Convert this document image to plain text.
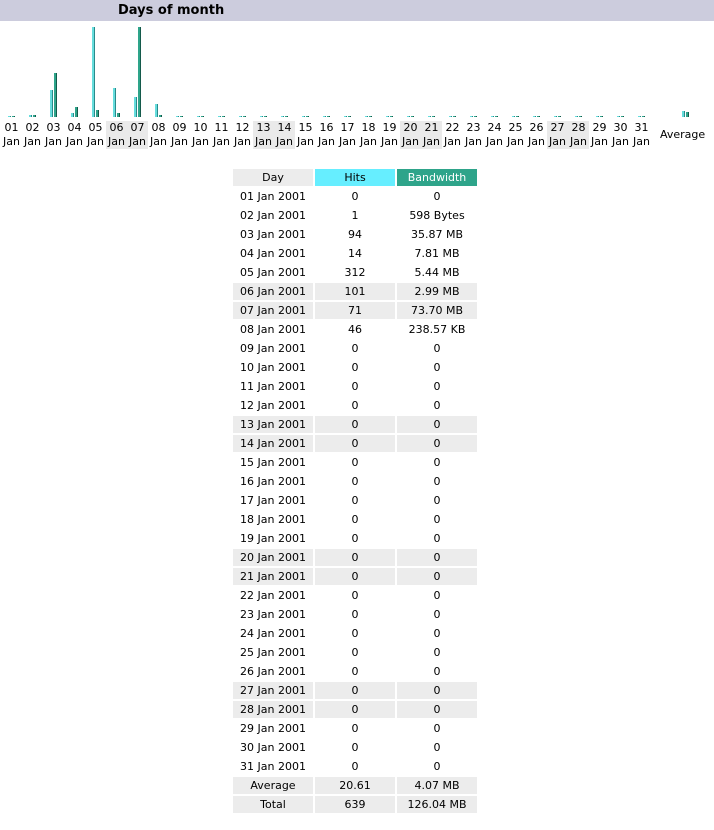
Days of month
01
Jan
02
Jan
03
Jan
04
Jan
05
Jan
06
Jan
07
Jan
08
Jan
09
Jan
10
Jan
11
Jan
12
Jan
13
Jan
14
Jan
15
Jan
16
Jan
17
Jan
18
Jan
19
Jan
20
Jan
21
Jan
22
Jan
23
Jan
24
Jan
25
Jan
26
Jan
27
Jan
28
Jan
29
Jan
30
Jan
31
Jan
Average
Day	Hits	Bandwidth
01 Jan 2001	0	0
02 Jan 2001	1	598 Bytes
03 Jan 2001	94	35.87 MB
04 Jan 2001	14	7.81 MB
05 Jan 2001	312	5.44 MB
06 Jan 2001	101	2.99 MB
07 Jan 2001	71	73.70 MB
08 Jan 2001	46	238.57 KB
09 Jan 2001	0	0
10 Jan 2001	0	0
11 Jan 2001	0	0
12 Jan 2001	0	0
13 Jan 2001	0	0
14 Jan 2001	0	0
15 Jan 2001	0	0
16 Jan 2001	0	0
17 Jan 2001	0	0
18 Jan 2001	0	0
19 Jan 2001	0	0
20 Jan 2001	0	0
21 Jan 2001	0	0
22 Jan 2001	0	0
23 Jan 2001	0	0
24 Jan 2001	0	0
25 Jan 2001	0	0
26 Jan 2001	0	0
27 Jan 2001	0	0
28 Jan 2001	0	0
29 Jan 2001	0	0
30 Jan 2001	0	0
31 Jan 2001	0	0
Average	20.61	4.07 MB
Total	639	126.04 MB
